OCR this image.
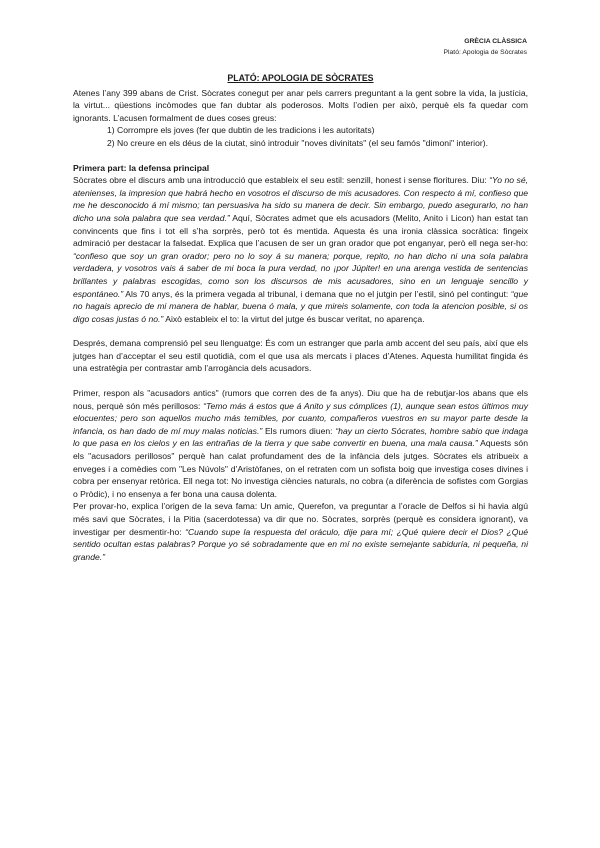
GRÈCIA CLÀSSICA
Plató: Apologia de Sòcrates
PLATÓ: APOLOGIA DE SÒCRATES

Atenes l’any 399 abans de Crist. Sòcrates conegut per anar pels carrers preguntant a la gent sobre la vida, la justícia, la virtut... qüestions incòmodes que fan dubtar als poderosos. Molts l’odien per això, perquè els fa quedar com ignorants. L’acusen formalment de dues coses greus:

1) Corrompre els joves (fer que dubtin de les tradicions i les autoritats)
2) No creure en els déus de la ciutat, sinó introduir "noves divinitats" (el seu famós "dimoni" interior).
Primera part: la defensa principal

Sòcrates obre el discurs amb una introducció que estableix el seu estil: senzill, honest i sense floritures. Diu: “Yo no sé, atenienses, la impresion que habrá hecho en vosotros el discurso de mis acusadores. Con respecto á mí, confieso que me he desconocido á mí mismo; tan persuasiva ha sido su manera de decir. Sin embargo, puedo asegurarlo, no han dicho una sola palabra que sea verdad.” Aquí, Sòcrates admet que els acusadors (Melito, Anito i Licon) han estat tan convincents que fins i tot ell s’ha sorprès, però tot és mentida. Aquesta és una ironia clàssica socràtica: fingeix admiració per destacar la falsedat. Explica que l’acusen de ser un gran orador que pot enganyar, però ell nega ser-ho: “confieso que soy un gran orador; pero no lo soy á su manera; porque, repito, no han dicho ni una sola palabra verdadera, y vosotros vais á saber de mi boca la pura verdad, no ¡por Júpiter! en una arenga vestida de sentencias brillantes y palabras escogidas, como son los discursos de mis acusadores, sino en un lenguaje sencillo y espontáneo.” Als 70 anys, és la primera vegada al tribunal, i demana que no el jutgin per l’estil, sinó pel contingut: “que no hagais aprecio de mi manera de hablar, buena ó mala, y que mireis solamente, con toda la atencion posible, si os digo cosas justas ó no.” Això estableix el to: la virtut del jutge és buscar veritat, no aparença.

Després, demana comprensió pel seu llenguatge: És com un estranger que parla amb accent del seu país, així que els jutges han d’acceptar el seu estil quotidià, com el que usa als mercats i places d’Atenes. Aquesta humilitat fingida és una estratègia per contrastar amb l’arrogància dels acusadors.

Primer, respon als "acusadors antics" (rumors que corren des de fa anys). Diu que ha de rebutjar-los abans que els nous, perquè són més perillosos: “Temo más á estos que á Anito y sus cómplices (1), aunque sean estos últimos muy elocuentes; pero son aquellos mucho más temibles, por cuanto, compañeros vuestros en su mayor parte desde la infancia, os han dado de mí muy malas noticias.” Els rumors diuen: “hay un cierto Sócrates, hombre sabio que indaga lo que pasa en los cielos y en las entrañas de la tierra y que sabe convertir en buena, una mala causa.” Aquests són els "acusadors perillosos" perquè han calat profundament des de la infància dels jutges. Sòcrates els atribueix a enveges i a comèdies com "Les Núvols" d’Aristòfanes, on el retraten com un sofista boig que investiga coses divines i cobra per ensenyar retòrica. Ell nega tot: No investiga ciències naturals, no cobra (a diferència de sofistes com Gorgias o Pròdic), i no ensenya a fer bona una causa dolenta.

Per provar-ho, explica l’origen de la seva fama: Un amic, Querefon, va preguntar a l’oracle de Delfos si hi havia algú més savi que Sòcrates, i la Pitia (sacerdotessa) va dir que no. Sòcrates, sorprès (perquè es considera ignorant), va investigar per desmentir-ho: “Cuando supe la respuesta del oráculo, dije para mí; ¿Qué quiere decir el Dios? ¿Qué sentido ocultan estas palabras? Porque yo sé sobradamente que en mí no existe semejante sabiduría, ni pequeña, ni grande.”
